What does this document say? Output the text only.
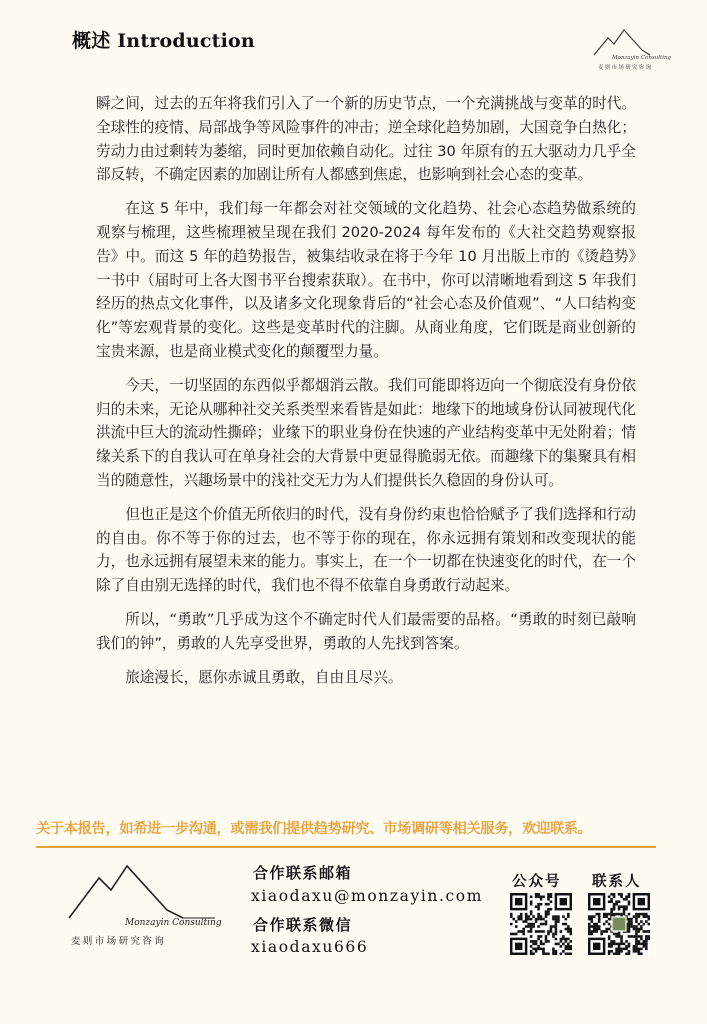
概述 Introduction
Monzayin Consulting
麦则市场研究咨询

瞬之间，过去的五年将我们引入了一个新的历史节点，一个充满挑战与变革的时代。全球性的疫情、局部战争等风险事件的冲击；逆全球化趋势加剧，大国竞争白热化；劳动力由过剩转为萎缩，同时更加依赖自动化。过往 30 年原有的五大驱动力几乎全部反转，不确定因素的加剧让所有人都感到焦虑，也影响到社会心态的变革。

在这 5 年中，我们每一年都会对社交领域的文化趋势、社会心态趋势做系统的观察与梳理，这些梳理被呈现在我们 2020-2024 每年发布的《大社交趋势观察报告》中。而这 5 年的趋势报告，被集结收录在将于今年 10 月出版上市的《烫趋势》一书中（届时可上各大图书平台搜索获取）。在书中，你可以清晰地看到这 5 年我们经历的热点文化事件，以及诸多文化现象背后的“社会心态及价值观”、“人口结构变化”等宏观背景的变化。这些是变革时代的注脚。从商业角度，它们既是商业创新的宝贵来源，也是商业模式变化的颠覆型力量。

今天，一切坚固的东西似乎都烟消云散。我们可能即将迈向一个彻底没有身份依归的未来，无论从哪种社交关系类型来看皆是如此：地缘下的地域身份认同被现代化洪流中巨大的流动性撕碎；业缘下的职业身份在快速的产业结构变革中无处附着；情缘关系下的自我认可在单身社会的大背景中更显得脆弱无依。而趣缘下的集聚具有相当的随意性，兴趣场景中的浅社交无力为人们提供长久稳固的身份认可。

但也正是这个价值无所依归的时代，没有身份约束也恰恰赋予了我们选择和行动的自由。你不等于你的过去，也不等于你的现在，你永远拥有策划和改变现状的能力，也永远拥有展望未来的能力。事实上，在一个一切都在快速变化的时代，在一个除了自由别无选择的时代，我们也不得不依靠自身勇敢行动起来。

所以，“勇敢”几乎成为这个不确定时代人们最需要的品格。“勇敢的时刻已敲响我们的钟”，勇敢的人先享受世界，勇敢的人先找到答案。

旅途漫长，愿你赤诚且勇敢，自由且尽兴。

关于本报告，如希进一步沟通，或需我们提供趋势研究、市场调研等相关服务，欢迎联系。
Monzayin Consulting
麦则市场研究咨询
合作联系邮箱
xiaodaxu@monzayin.com
合作联系微信
xiaodaxu666
公众号 联系人
